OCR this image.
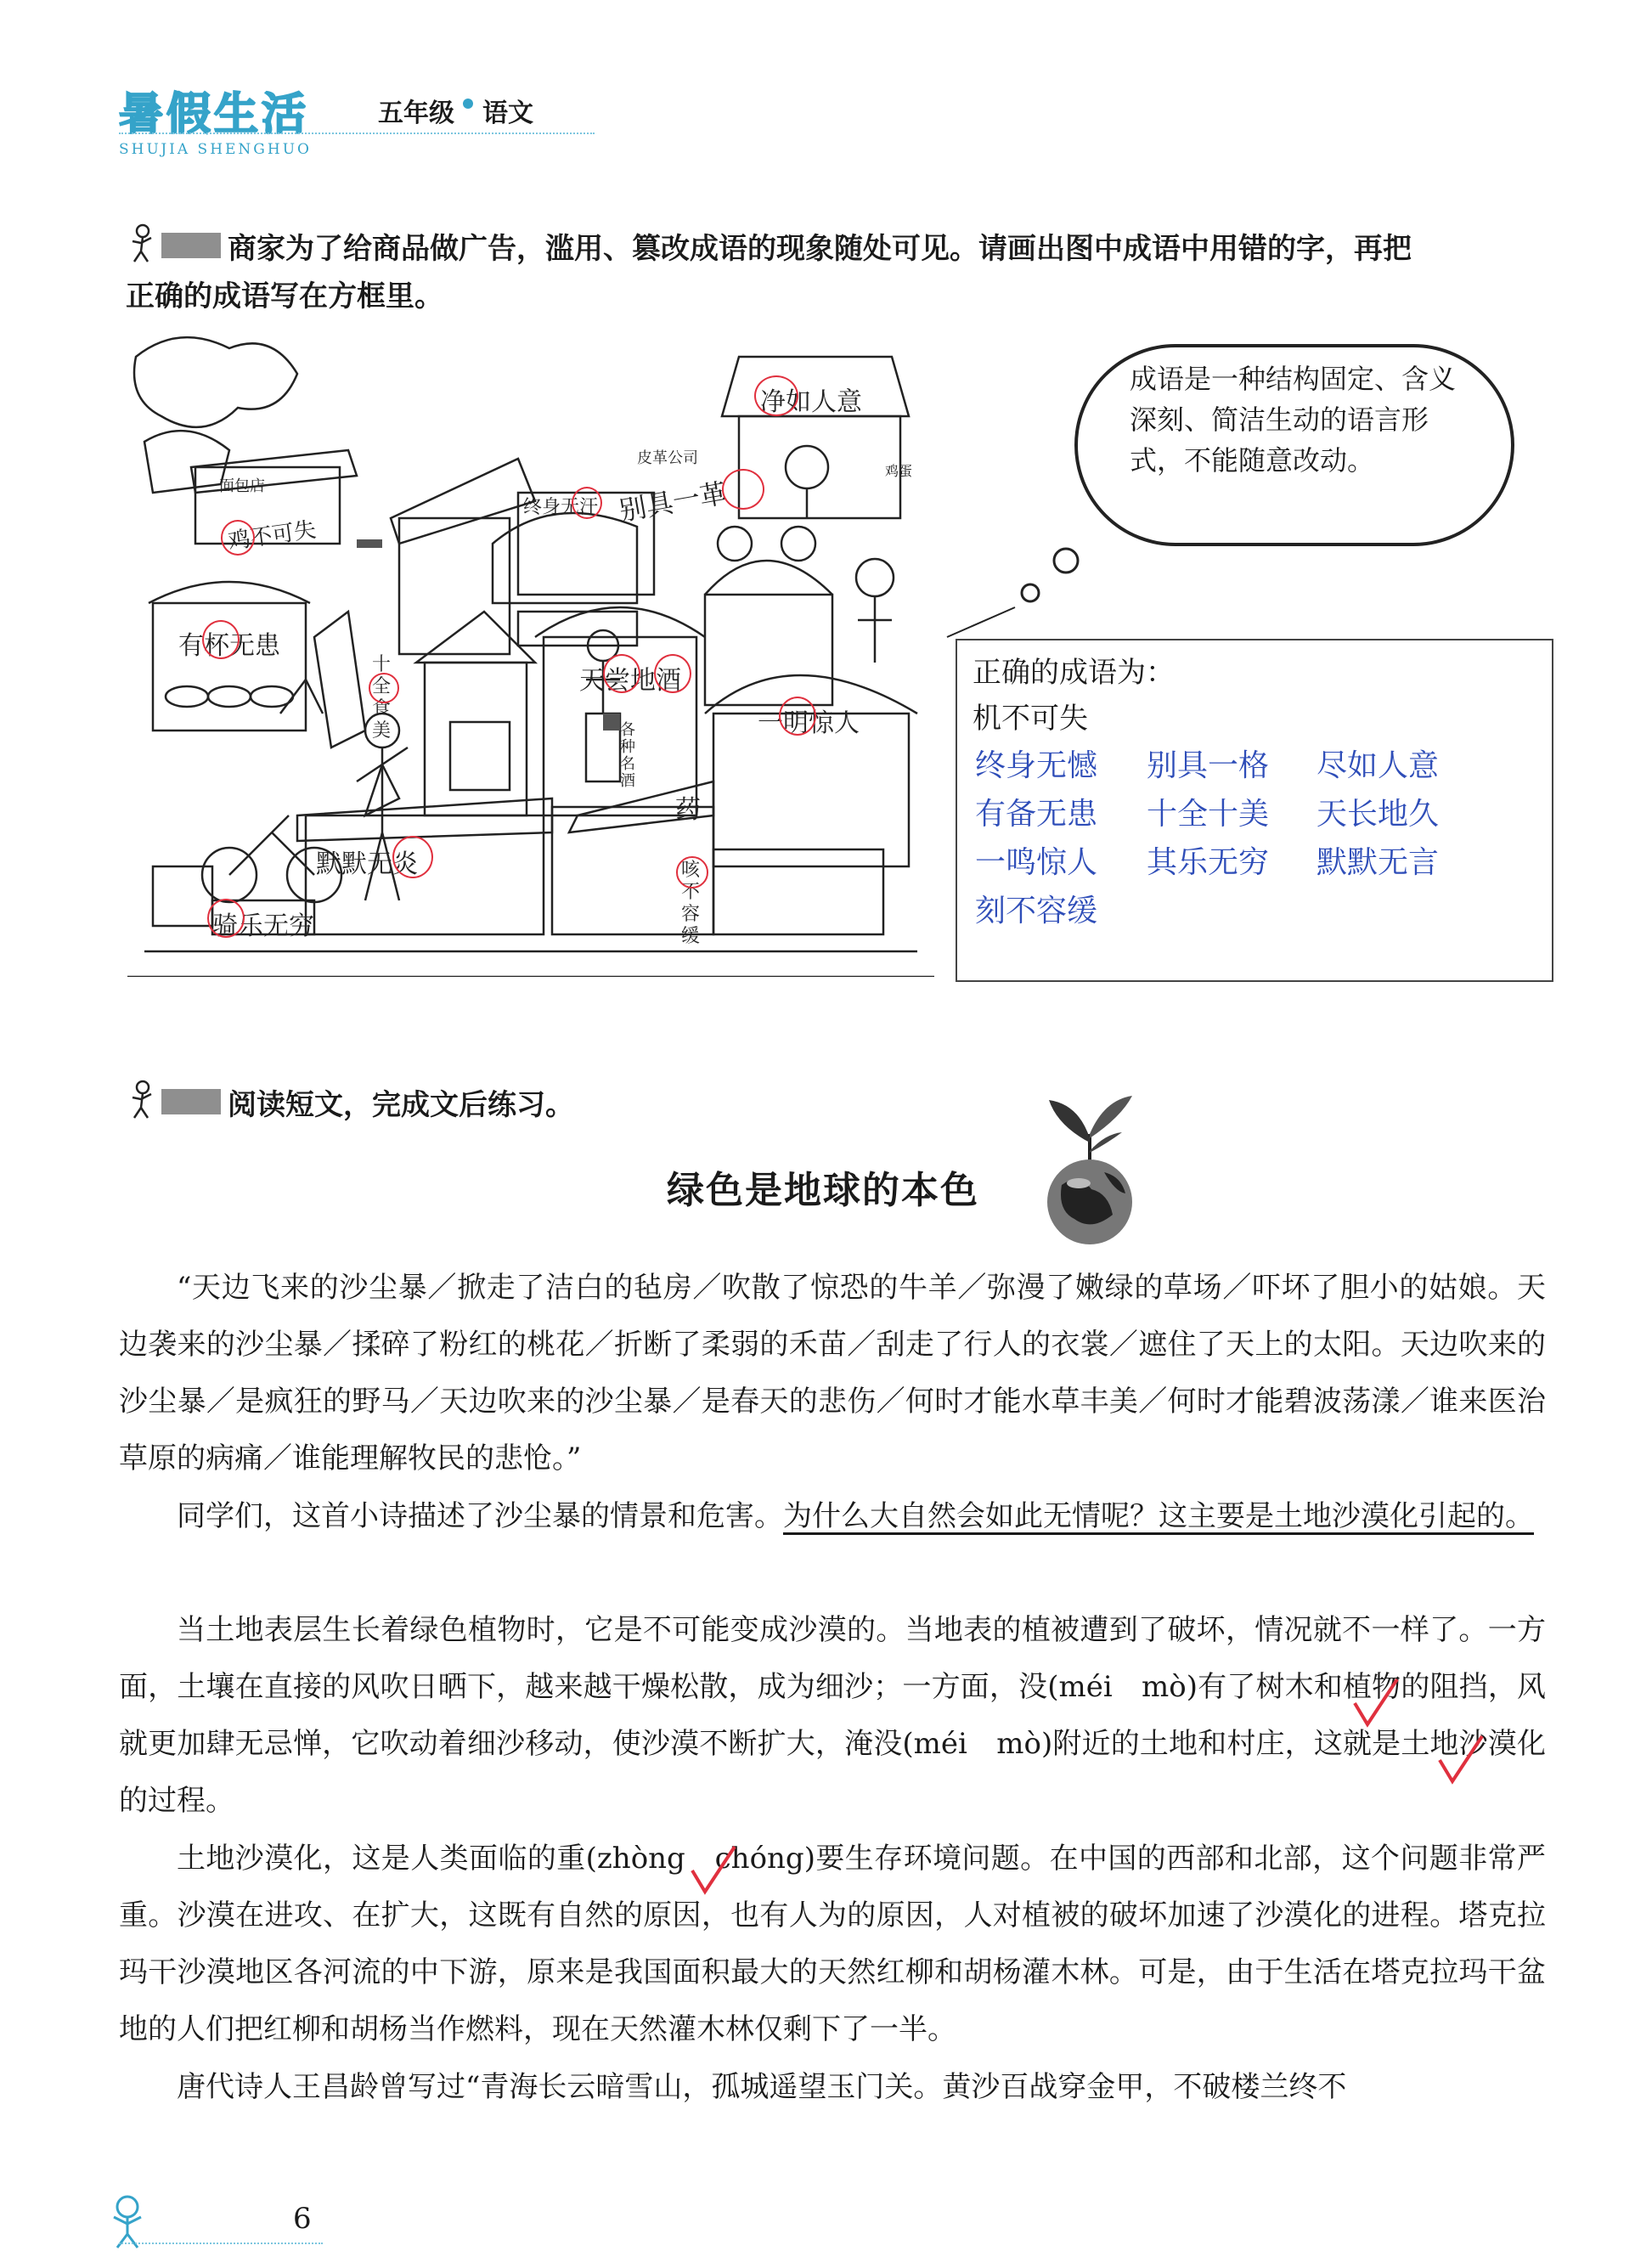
暑假生活	五年级 语文
SHUJIA SHENGHUO
商家为了给商品做广告，滥用、篡改成语的现象随处可见。请画出图中成语中用错的字，再把
正确的成语写在方框里。
净如人意
终身无汗 别具一革
皮革公司
鸡不可失
有杯无患
天尝地酒
十全食美	一明惊人
默默无炎	咳不容缓
骑乐无穷
药
各种名酒
面包店
鸡蛋
成语是一种结构固定、含义深刻、简洁生动的语言形式，不能随意改动。
正确的成语为：
机不可失
终身无憾 别具一格 尽如人意
有备无患 十全十美 天长地久
一鸣惊人 其乐无穷 默默无言
刻不容缓
阅读短文，完成文后练习。
绿色是地球的本色
“天边飞来的沙尘暴／掀走了洁白的毡房／吹散了惊恐的牛羊／弥漫了嫩绿的草场／吓坏了胆小的姑娘。天边袭来的沙尘暴／揉碎了粉红的桃花／折断了柔弱的禾苗／刮走了行人的衣裳／遮住了天上的太阳。天边吹来的沙尘暴／是疯狂的野马／天边吹来的沙尘暴／是春天的悲伤／何时才能水草丰美／何时才能碧波荡漾／谁来医治草原的病痛／谁能理解牧民的悲怆。”
同学们，这首小诗描述了沙尘暴的情景和危害。为什么大自然会如此无情呢？这主要是土地沙漠化引起的。
当土地表层生长着绿色植物时，它是不可能变成沙漠的。当地表的植被遭到了破坏，情况就不一样了。一方面，土壤在直接的风吹日晒下，越来越干燥松散，成为细沙；一方面，没(méi　mò)有了树木和植物的阻挡，风就更加肆无忌惮，它吹动着细沙移动，使沙漠不断扩大，淹没(méi　mò)附近的土地和村庄，这就是土地沙漠化的过程。
土地沙漠化，这是人类面临的重(zhòng　chóng)要生存环境问题。在中国的西部和北部，这个问题非常严重。沙漠在进攻、在扩大，这既有自然的原因，也有人为的原因，人对植被的破坏加速了沙漠化的进程。塔克拉玛干沙漠地区各河流的中下游，原来是我国面积最大的天然红柳和胡杨灌木林。可是，由于生活在塔克拉玛干盆地的人们把红柳和胡杨当作燃料，现在天然灌木林仅剩下了一半。
唐代诗人王昌龄曾写过“青海长云暗雪山，孤城遥望玉门关。黄沙百战穿金甲，不破楼兰终不
6
